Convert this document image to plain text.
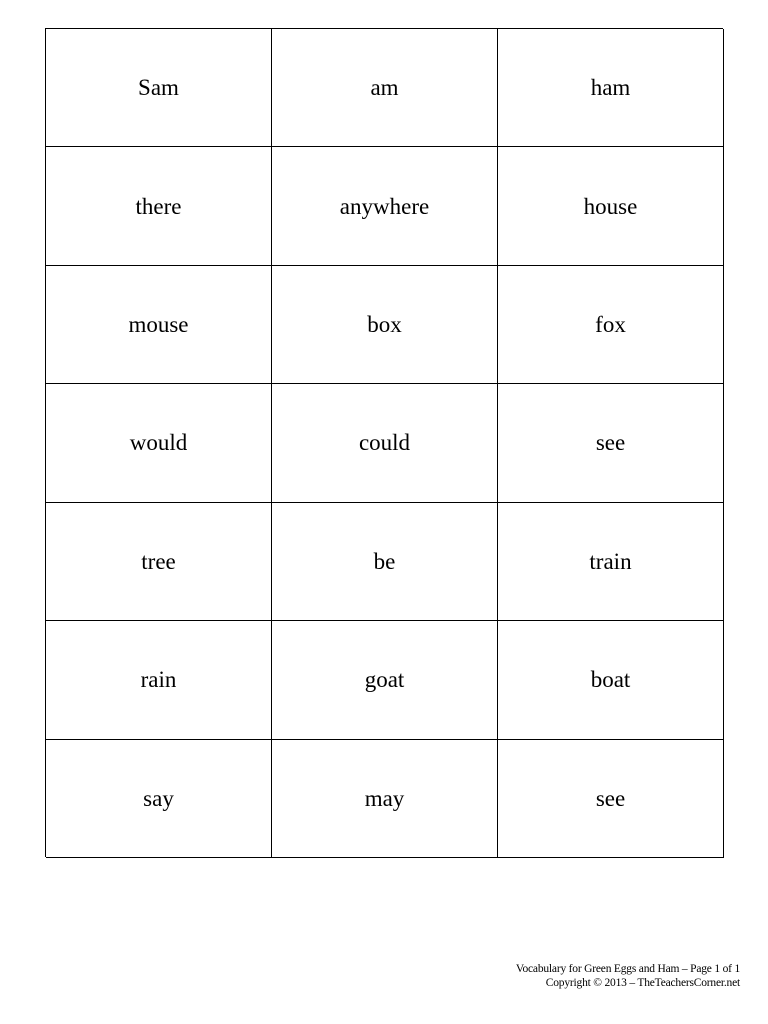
Sam	am	ham
there	anywhere	house
mouse	box	fox
would	could	see
tree	be	train
rain	goat	boat
say	may	see
Vocabulary for Green Eggs and Ham – Page 1 of 1
Copyright © 2013 – TheTeachersCorner.net
